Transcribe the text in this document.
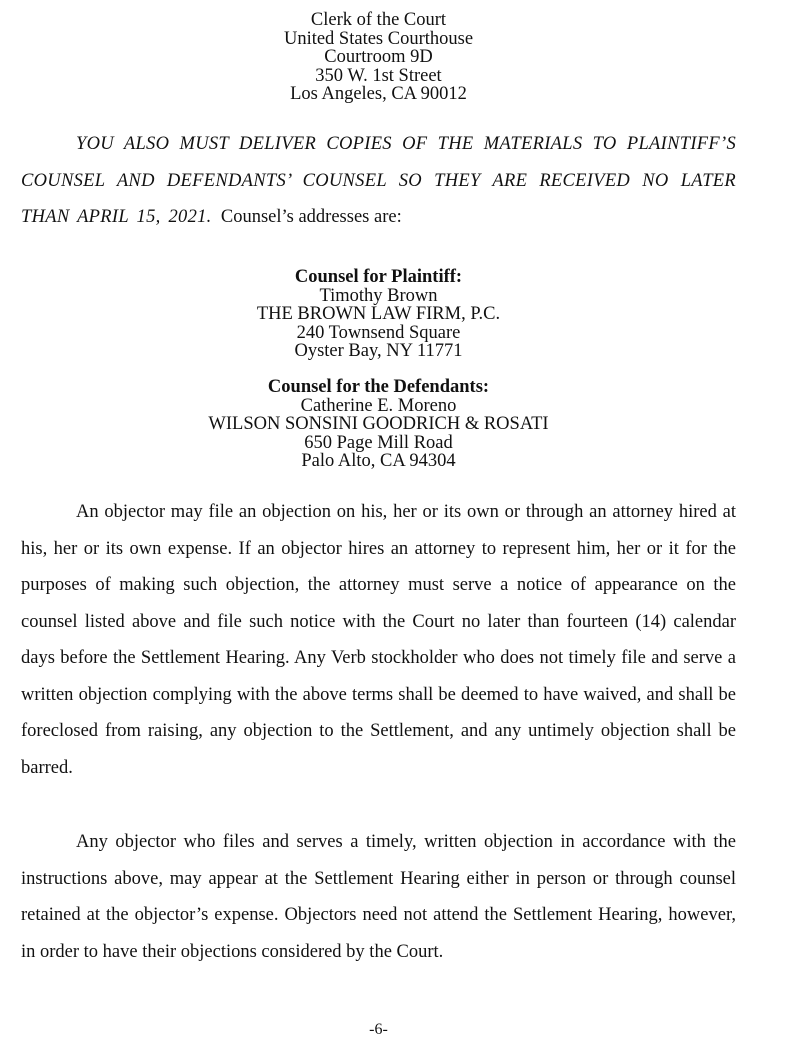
Clerk of the Court
United States Courthouse
Courtroom 9D
350 W. 1st Street
Los Angeles, CA 90012

YOU ALSO MUST DELIVER COPIES OF THE MATERIALS TO PLAINTIFF’S COUNSEL AND DEFENDANTS’ COUNSEL SO THEY ARE RECEIVED NO LATER THAN APRIL 15, 2021. Counsel’s addresses are:

Counsel for Plaintiff:
Timothy Brown
THE BROWN LAW FIRM, P.C.
240 Townsend Square
Oyster Bay, NY 11771
Counsel for the Defendants:
Catherine E. Moreno
WILSON SONSINI GOODRICH & ROSATI
650 Page Mill Road
Palo Alto, CA 94304

An objector may file an objection on his, her or its own or through an attorney hired at his, her or its own expense. If an objector hires an attorney to represent him, her or it for the purposes of making such objection, the attorney must serve a notice of appearance on the counsel listed above and file such notice with the Court no later than fourteen (14) calendar days before the Settlement Hearing. Any Verb stockholder who does not timely file and serve a written objection complying with the above terms shall be deemed to have waived, and shall be foreclosed from raising, any objection to the Settlement, and any untimely objection shall be barred.

Any objector who files and serves a timely, written objection in accordance with the instructions above, may appear at the Settlement Hearing either in person or through counsel retained at the objector’s expense. Objectors need not attend the Settlement Hearing, however, in order to have their objections considered by the Court.

-6-
